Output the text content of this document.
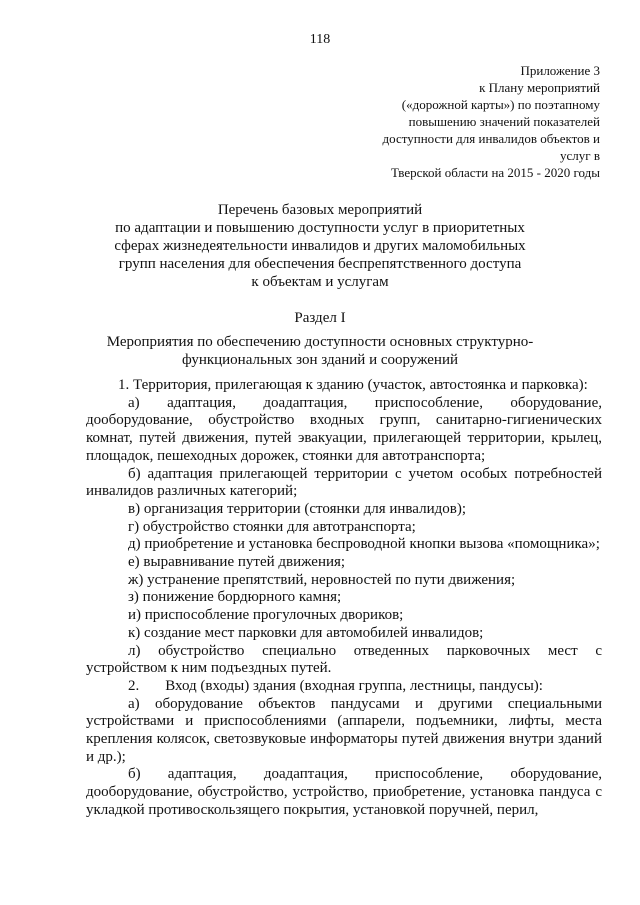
118
Приложение 3
к Плану мероприятий
(«дорожной карты») по поэтапному
повышению значений показателей
доступности для инвалидов объектов и
услуг в
Тверской области на 2015 - 2020 годы
Перечень базовых мероприятий
по адаптации и повышению доступности услуг в приоритетных
сферах жизнедеятельности инвалидов и других маломобильных
групп населения для обеспечения беспрепятственного доступа
к объектам и услугам
Раздел I
Мероприятия по обеспечению доступности основных структурно-
функциональных зон зданий и сооружений
1. Территория, прилегающая к зданию (участок, автостоянка и парковка):
а) адаптация, доадаптация, приспособление, оборудование, дооборудование, обустройство входных групп, санитарно-гигиенических комнат, путей движения, путей эвакуации, прилегающей территории, крылец, площадок, пешеходных дорожек, стоянки для автотранспорта;
б) адаптация прилегающей территории с учетом особых потребностей инвалидов различных категорий;
в) организация территории (стоянки для инвалидов);
г) обустройство стоянки для автотранспорта;
д) приобретение и установка беспроводной кнопки вызова «помощника»;
е) выравнивание путей движения;
ж) устранение препятствий, неровностей по пути движения;
з) понижение бордюрного камня;
и) приспособление прогулочных двориков;
к) создание мест парковки для автомобилей инвалидов;
л) обустройство специально отведенных парковочных мест с устройством к ним подъездных путей.
2. Вход (входы) здания (входная группа, лестницы, пандусы):
а) оборудование объектов пандусами и другими специальными устройствами и приспособлениями (аппарели, подъемники, лифты, места крепления колясок, светозвуковые информаторы путей движения внутри зданий и др.);
б) адаптация, доадаптация, приспособление, оборудование, дооборудование, обустройство, устройство, приобретение, установка пандуса с укладкой противоскользящего покрытия, установкой поручней, перил,
